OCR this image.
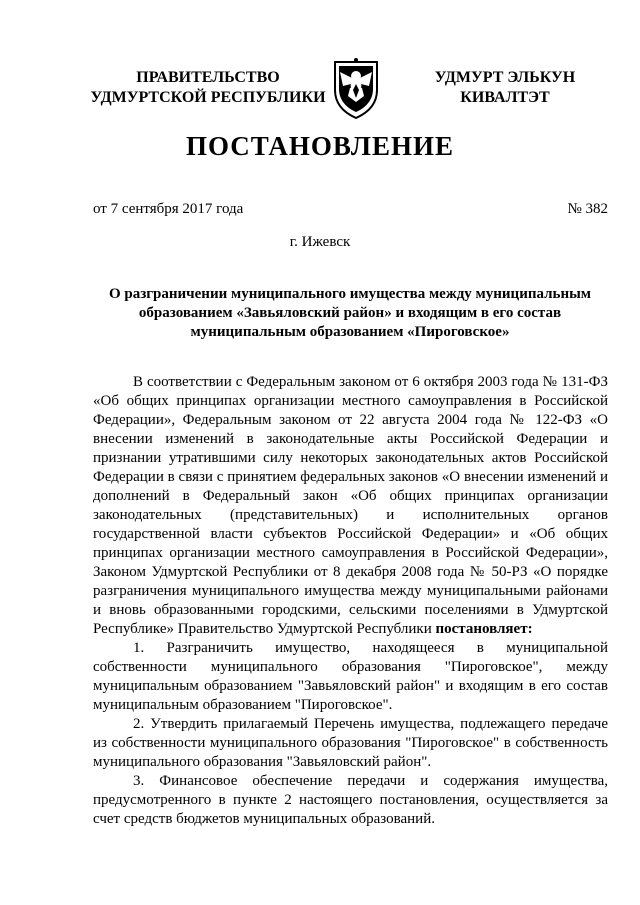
ПРАВИТЕЛЬСТВО
УДМУРТСКОЙ РЕСПУБЛИКИ
УДМУРТ ЭЛЬКУН
КИВАЛТЭТ
ПОСТАНОВЛЕНИЕ
от 7 сентября 2017 года	№ 382
г. Ижевск
О разграничении муниципального имущества между муниципальным образованием «Завьяловский район» и входящим в его состав муниципальным образованием «Пироговское»

В соответствии с Федеральным законом от 6 октября 2003 года № 131-ФЗ «Об общих принципах организации местного самоуправления в Российской Федерации», Федеральным законом от 22 августа 2004 года № 122-ФЗ «О внесении изменений в законодательные акты Российской Федерации и признании утратившими силу некоторых законодательных актов Российской Федерации в связи с принятием федеральных законов «О внесении изменений и дополнений в Федеральный закон «Об общих принципах организации законодательных (представительных) и исполнительных органов государственной власти субъектов Российской Федерации» и «Об общих принципах организации местного самоуправления в Российской Федерации», Законом Удмуртской Республики от 8 декабря 2008 года № 50-РЗ «О порядке разграничения муниципального имущества между муниципальными районами и вновь образованными городскими, сельскими поселениями в Удмуртской Республике» Правительство Удмуртской Республики постановляет:

1. Разграничить имущество, находящееся в муниципальной собственности муниципального образования "Пироговское", между муниципальным образованием "Завьяловский район" и входящим в его состав муниципальным образованием "Пироговское".

2. Утвердить прилагаемый Перечень имущества, подлежащего передаче из собственности муниципального образования "Пироговское" в собственность муниципального образования "Завьяловский район".

3. Финансовое обеспечение передачи и содержания имущества, предусмотренного в пункте 2 настоящего постановления, осуществляется за счет средств бюджетов муниципальных образований.
